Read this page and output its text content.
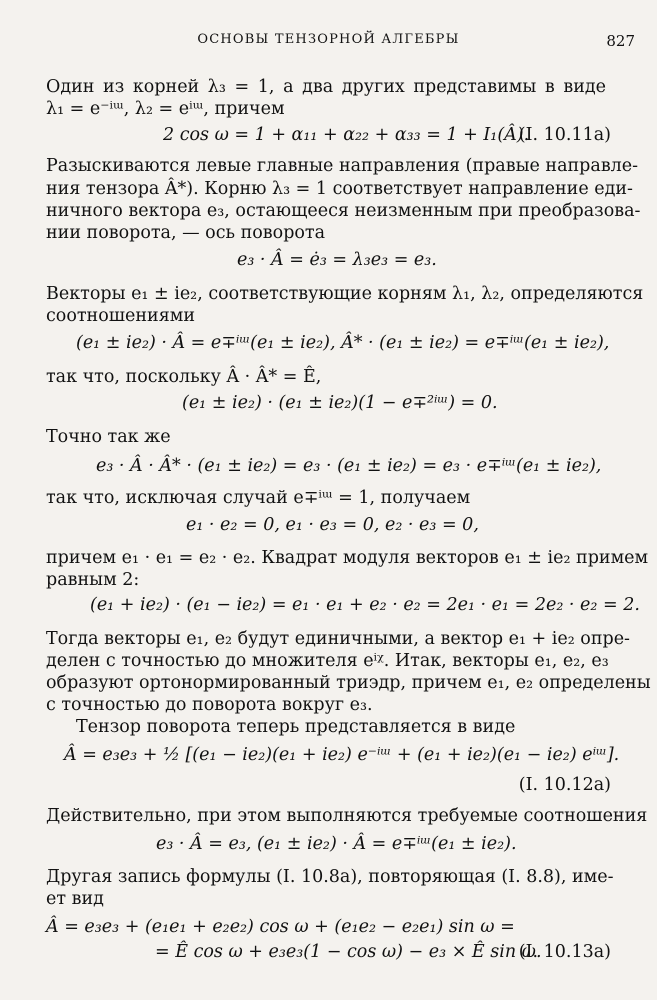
ОСНОВЫ ТЕНЗОРНОЙ АЛГЕБРЫ	827
Один из корней λ₃ = 1, а два других представимы в виде
λ₁ = e⁻ⁱᵚ, λ₂ = eⁱᵚ, причем
2 cos ω = 1 + α₁₁ + α₂₂ + α₃₃ = 1 + I₁(Â).
(I. 10.11a)
Разыскиваются левые главные направления (правые направле-
ния тензора Â*). Корню λ₃ = 1 соответствует направление еди-
ничного вектора e₃, остающееся неизменным при преобразова-
нии поворота, — ось поворота
e₃ · Â = ė₃ = λ₃e₃ = e₃.
Векторы e₁ ± ie₂, соответствующие корням λ₁, λ₂, определяются
соотношениями
(e₁ ± ie₂) · Â = e∓ⁱᵚ(e₁ ± ie₂), Â* · (e₁ ± ie₂) = e∓ⁱᵚ(e₁ ± ie₂),
так что, поскольку Â · Â* = Ê,
(e₁ ± ie₂) · (e₁ ± ie₂)(1 − e∓²ⁱᵚ) = 0.
Точно так же
e₃ · Â · Â* · (e₁ ± ie₂) = e₃ · (e₁ ± ie₂) = e₃ · e∓ⁱᵚ(e₁ ± ie₂),
так что, исключая случай e∓ⁱᵚ = 1, получаем
e₁ · e₂ = 0, e₁ · e₃ = 0, e₂ · e₃ = 0,
причем e₁ · e₁ = e₂ · e₂. Квадрат модуля векторов e₁ ± ie₂ примем
равным 2:
(e₁ + ie₂) · (e₁ − ie₂) = e₁ · e₁ + e₂ · e₂ = 2e₁ · e₁ = 2e₂ · e₂ = 2.
Тогда векторы e₁, e₂ будут единичными, а вектор e₁ + ie₂ опре-
делен с точностью до множителя eⁱᵡ. Итак, векторы e₁, e₂, e₃
образуют ортонормированный триэдр, причем e₁, e₂ определены
с точностью до поворота вокруг e₃.
Тензор поворота теперь представляется в виде
Â = e₃e₃ + ½ [(e₁ − ie₂)(e₁ + ie₂) e⁻ⁱᵚ + (e₁ + ie₂)(e₁ − ie₂) eⁱᵚ].
(I. 10.12a)
Действительно, при этом выполняются требуемые соотношения
e₃ · Â = e₃, (e₁ ± ie₂) · Â = e∓ⁱᵚ(e₁ ± ie₂).
Другая запись формулы (I. 10.8a), повторяющая (I. 8.8), име-
ет вид
Â = e₃e₃ + (e₁e₁ + e₂e₂) cos ω + (e₁e₂ − e₂e₁) sin ω =
= Ê cos ω + e₃e₃(1 − cos ω) − e₃ × Ê sin ω.
(I. 10.13a)
